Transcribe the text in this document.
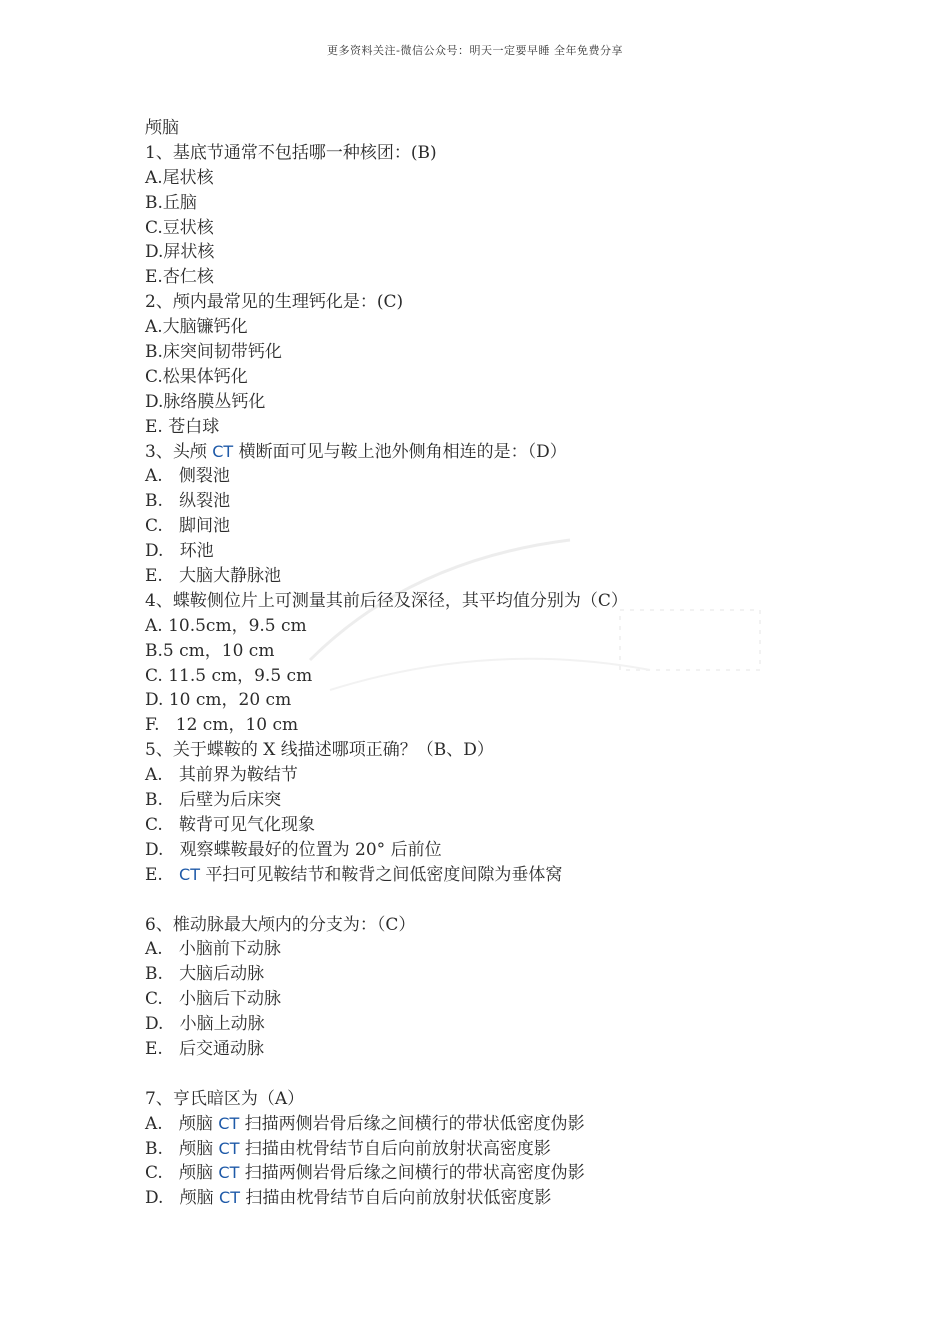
更多资料关注-微信公众号：明天一定要早睡 全年免费分享
颅脑
1、基底节通常不包括哪一种核团：(B)
A.尾状核
B.丘脑
C.豆状核
D.屏状核
E.杏仁核
2、颅内最常见的生理钙化是：(C)
A.大脑镰钙化
B.床突间韧带钙化
C.松果体钙化
D.脉络膜丛钙化
E. 苍白球
3、头颅 CT 横断面可见与鞍上池外侧角相连的是：（D）
A.   侧裂池
B.   纵裂池
C.   脚间池
D.   环池
E.   大脑大静脉池
4、蝶鞍侧位片上可测量其前后径及深径，其平均值分别为（C）
A. 10.5cm，9.5 cm
B.5 cm，10 cm
C. 11.5 cm，9.5 cm
D. 10 cm，20 cm
F.   12 cm，10 cm
5、关于蝶鞍的 X 线描述哪项正确？（B、D）
A.   其前界为鞍结节
B.   后壁为后床突
C.   鞍背可见气化现象
D.   观察蝶鞍最好的位置为 20° 后前位
E.   CT 平扫可见鞍结节和鞍背之间低密度间隙为垂体窝
6、椎动脉最大颅内的分支为：（C）
A.   小脑前下动脉
B.   大脑后动脉
C.   小脑后下动脉
D.   小脑上动脉
E.   后交通动脉
7、亨氏暗区为（A）
A.   颅脑 CT 扫描两侧岩骨后缘之间横行的带状低密度伪影
B.   颅脑 CT 扫描由枕骨结节自后向前放射状高密度影
C.   颅脑 CT 扫描两侧岩骨后缘之间横行的带状高密度伪影
D.   颅脑 CT 扫描由枕骨结节自后向前放射状低密度影
